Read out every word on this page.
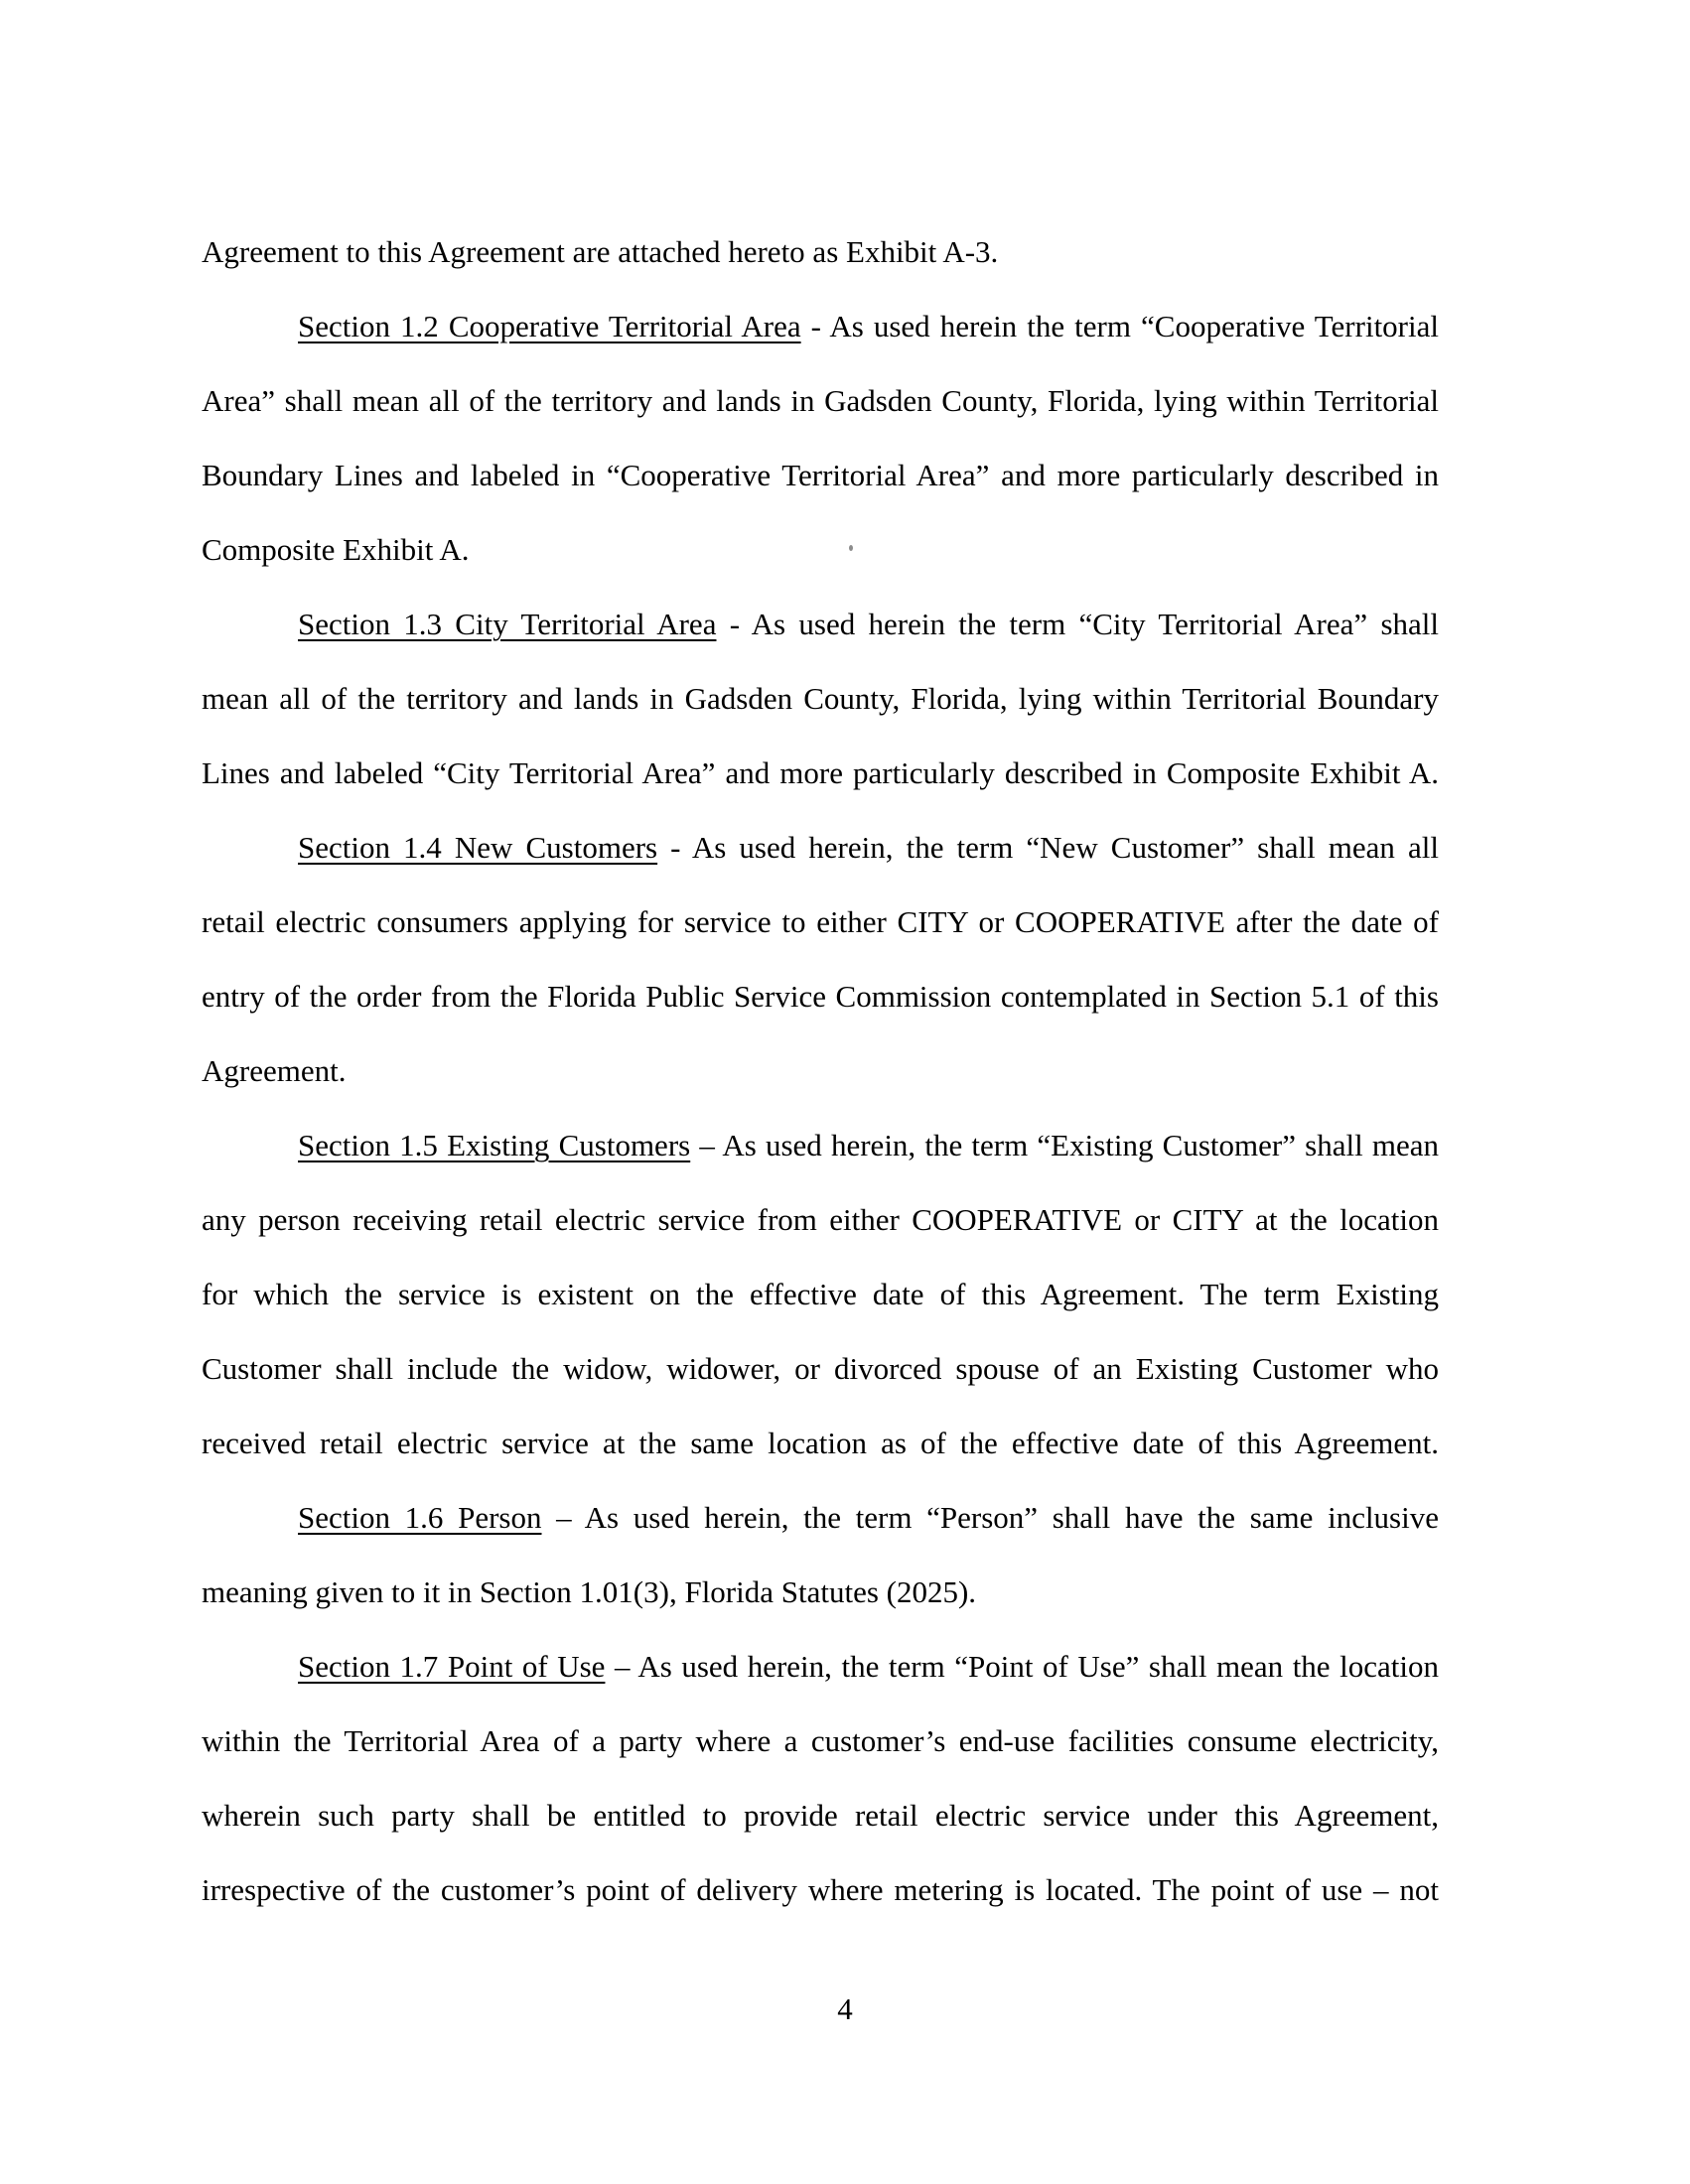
Agreement to this Agreement are attached hereto as Exhibit A-3.
Section 1.2 Cooperative Territorial Area - As used herein the term “Cooperative Territorial
Area” shall mean all of the territory and lands in Gadsden County, Florida, lying within Territorial
Boundary Lines and labeled in “Cooperative Territorial Area” and more particularly described in
Composite Exhibit A.
Section 1.3 City Territorial Area - As used herein the term “City Territorial Area” shall
mean all of the territory and lands in Gadsden County, Florida, lying within Territorial Boundary
Lines and labeled “City Territorial Area” and more particularly described in Composite Exhibit A.
Section 1.4 New Customers - As used herein, the term “New Customer” shall mean all
retail electric consumers applying for service to either CITY or COOPERATIVE after the date of
entry of the order from the Florida Public Service Commission contemplated in Section 5.1 of this
Agreement.
Section 1.5 Existing Customers – As used herein, the term “Existing Customer” shall mean
any person receiving retail electric service from either COOPERATIVE or CITY at the location
for which the service is existent on the effective date of this Agreement. The term Existing
Customer shall include the widow, widower, or divorced spouse of an Existing Customer who
received retail electric service at the same location as of the effective date of this Agreement.
Section 1.6 Person – As used herein, the term “Person” shall have the same inclusive
meaning given to it in Section 1.01(3), Florida Statutes (2025).
Section 1.7 Point of Use – As used herein, the term “Point of Use” shall mean the location
within the Territorial Area of a party where a customer’s end-use facilities consume electricity,
wherein such party shall be entitled to provide retail electric service under this Agreement,
irrespective of the customer’s point of delivery where metering is located. The point of use – not
4
